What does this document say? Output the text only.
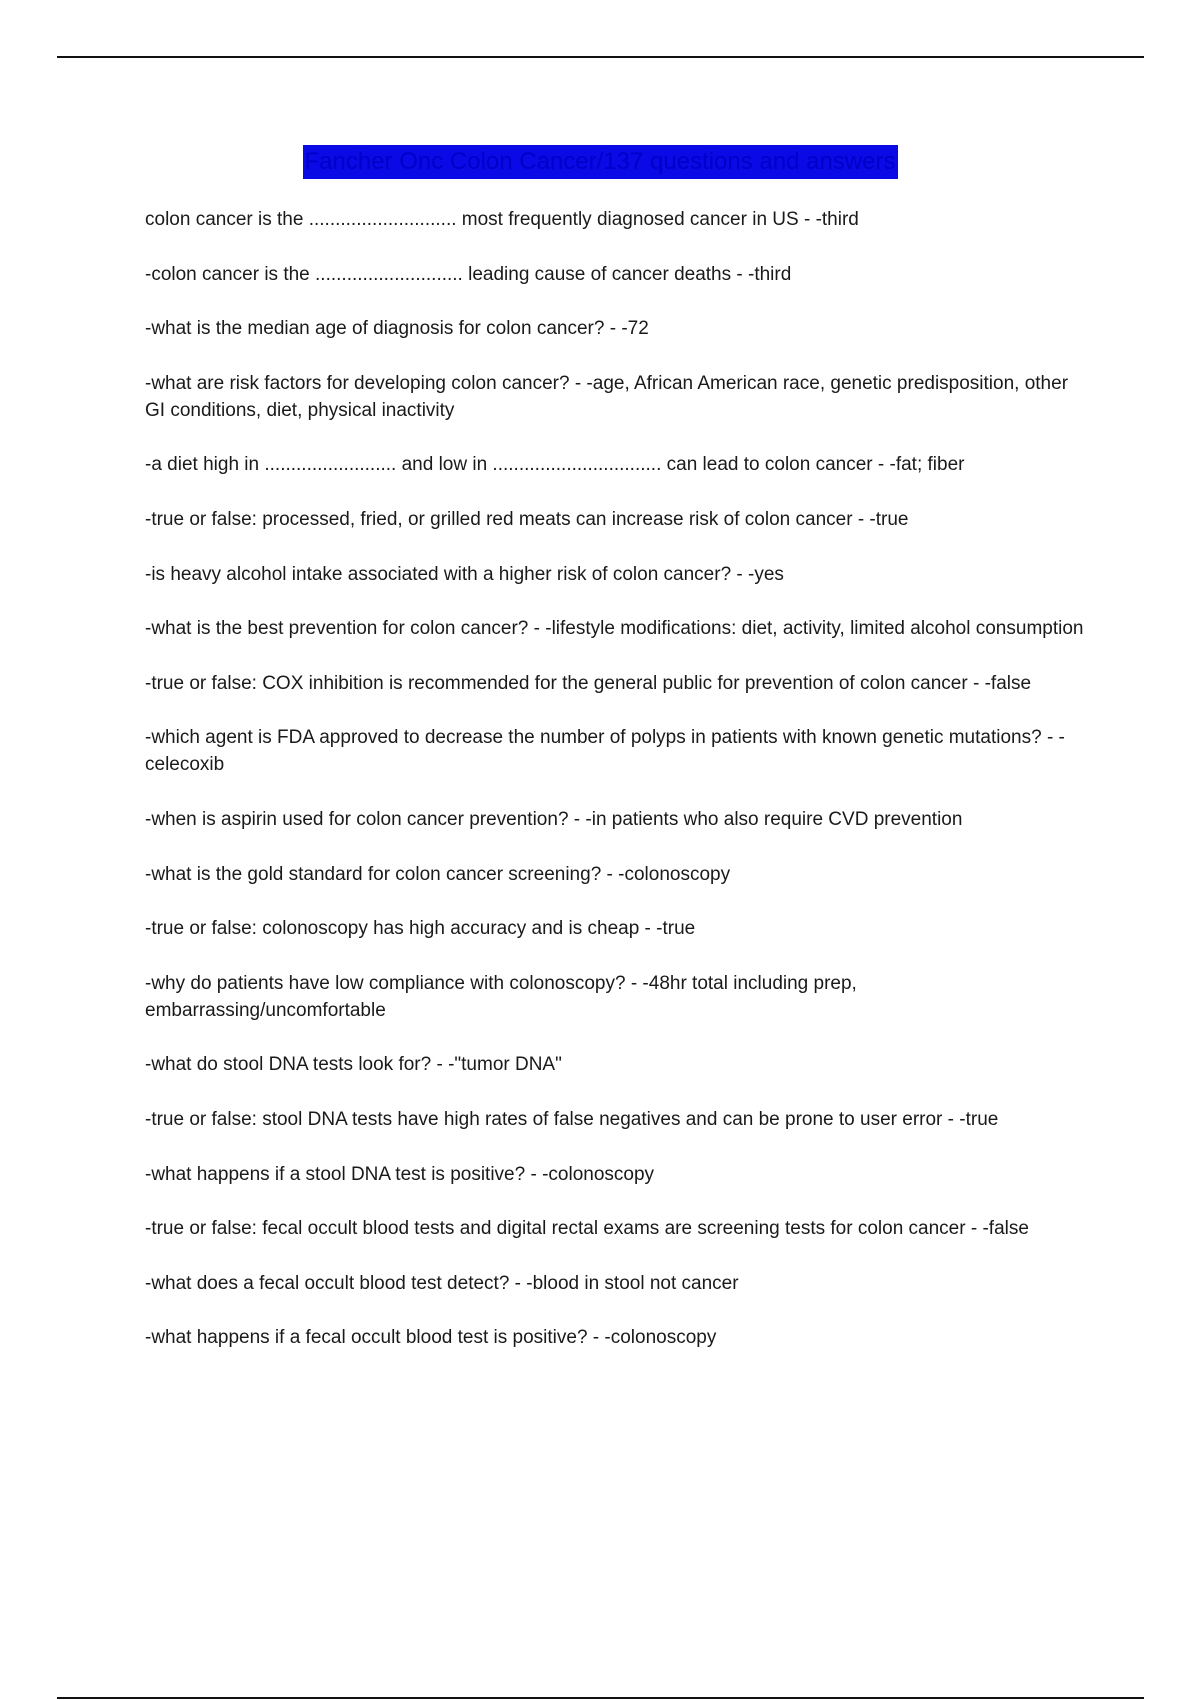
Fancher Onc Colon Cancer/137 questions and answers
colon cancer is the ............................ most frequently diagnosed cancer in US - -third
-colon cancer is the ............................ leading cause of cancer deaths - -third
-what is the median age of diagnosis for colon cancer? - -72
-what are risk factors for developing colon cancer? - -age, African American race, genetic predisposition, other GI conditions, diet, physical inactivity
-a diet high in ......................... and low in ................................ can lead to colon cancer - -fat; fiber
-true or false: processed, fried, or grilled red meats can increase risk of colon cancer - -true
-is heavy alcohol intake associated with a higher risk of colon cancer? - -yes
-what is the best prevention for colon cancer? - -lifestyle modifications: diet, activity, limited alcohol consumption
-true or false: COX inhibition is recommended for the general public for prevention of colon cancer - -false
-which agent is FDA approved to decrease the number of polyps in patients with known genetic mutations? - -celecoxib
-when is aspirin used for colon cancer prevention? - -in patients who also require CVD prevention
-what is the gold standard for colon cancer screening? - -colonoscopy
-true or false: colonoscopy has high accuracy and is cheap - -true
-why do patients have low compliance with colonoscopy? - -48hr total including prep, embarrassing/uncomfortable
-what do stool DNA tests look for? - -"tumor DNA"
-true or false: stool DNA tests have high rates of false negatives and can be prone to user error - -true
-what happens if a stool DNA test is positive? - -colonoscopy
-true or false: fecal occult blood tests and digital rectal exams are screening tests for colon cancer - -false
-what does a fecal occult blood test detect? - -blood in stool not cancer
-what happens if a fecal occult blood test is positive? - -colonoscopy
